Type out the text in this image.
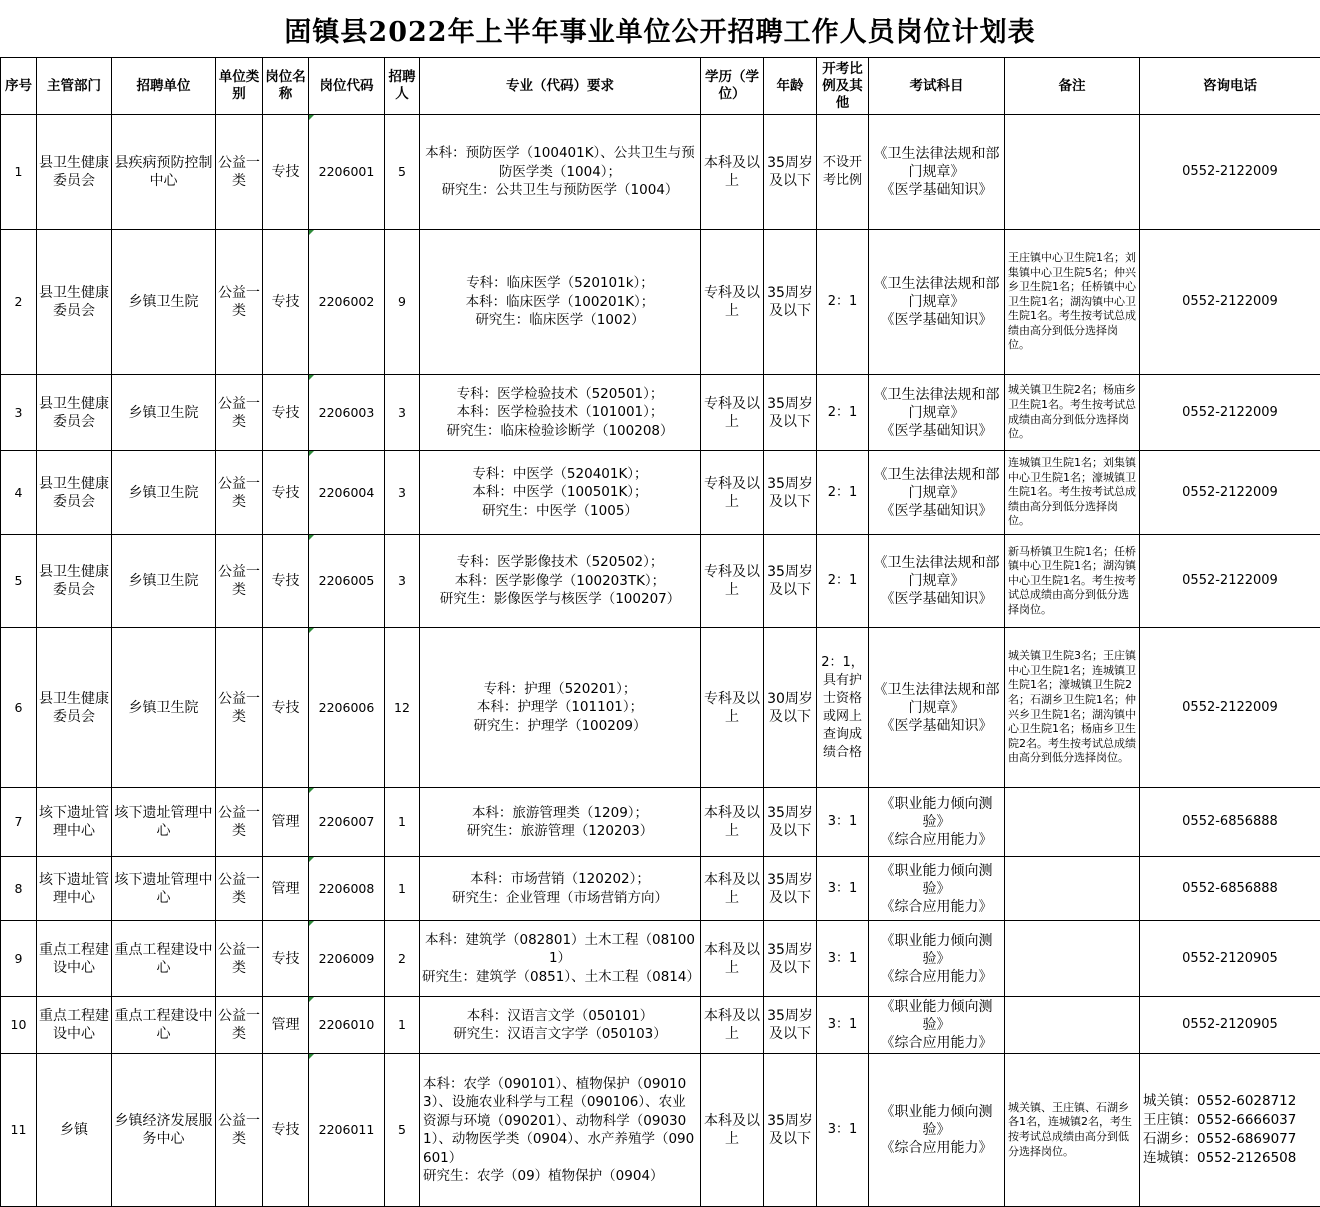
固镇县2022年上半年事业单位公开招聘工作人员岗位计划表
序号	主管部门	招聘单位	单位类别	岗位名称	岗位代码	招聘人	专业（代码）要求	学历（学位）	年龄	开考比例及其他	考试科目	备注	咨询电话
1	县卫生健康委员会	县疾病预防控制中心	公益一类	专技	2206001	5	本科：预防医学（100401K）、公共卫生与预防医学类（1004）；
研究生：公共卫生与预防医学（1004）	本科及以上	35周岁及以下	不设开考比例	《卫生法律法规和部门规章》
《医学基础知识》		0552-2122009

2	县卫生健康委员会	乡镇卫生院	公益一类	专技	2206002	9	专科：临床医学（520101k）；
本科：临床医学（100201K）；
研究生：临床医学（1002）	专科及以上	35周岁及以下	2：1	《卫生法律法规和部门规章》
《医学基础知识》	王庄镇中心卫生院1名；刘集镇中心卫生院5名；仲兴乡卫生院1名；任桥镇中心卫生院1名；湖沟镇中心卫生院1名。考生按考试总成绩由高分到低分选择岗位。	0552-2122009

3	县卫生健康委员会	乡镇卫生院	公益一类	专技	2206003	3	专科：医学检验技术（520501）；
本科：医学检验技术（101001）；
研究生：临床检验诊断学（100208）	专科及以上	35周岁及以下	2：1	《卫生法律法规和部门规章》
《医学基础知识》	城关镇卫生院2名；杨庙乡卫生院1名。考生按考试总成绩由高分到低分选择岗位。	0552-2122009

4	县卫生健康委员会	乡镇卫生院	公益一类	专技	2206004	3	专科：中医学（520401K）；
本科：中医学（100501K）；
研究生：中医学（1005）	专科及以上	35周岁及以下	2：1	《卫生法律法规和部门规章》
《医学基础知识》	连城镇卫生院1名；刘集镇中心卫生院1名；濠城镇卫生院1名。考生按考试总成绩由高分到低分选择岗位。	0552-2122009

5	县卫生健康委员会	乡镇卫生院	公益一类	专技	2206005	3	专科：医学影像技术（520502）；
本科：医学影像学（100203TK）；
研究生：影像医学与核医学（100207）	专科及以上	35周岁及以下	2：1	《卫生法律法规和部门规章》
《医学基础知识》	新马桥镇卫生院1名；任桥镇中心卫生院1名；湖沟镇中心卫生院1名。考生按考试总成绩由高分到低分选择岗位。	0552-2122009

6	县卫生健康委员会	乡镇卫生院	公益一类	专技	2206006	12	专科：护理（520201）；
本科：护理学（101101）；
研究生：护理学（100209）	专科及以上	30周岁及以下	2：1，具有护士资格或网上查询成绩合格	《卫生法律法规和部门规章》
《医学基础知识》	城关镇卫生院3名；王庄镇中心卫生院1名；连城镇卫生院1名；濠城镇卫生院2名；石湖乡卫生院1名；仲兴乡卫生院1名；湖沟镇中心卫生院1名；杨庙乡卫生院2名。考生按考试总成绩由高分到低分选择岗位。	0552-2122009

7	垓下遗址管理中心	垓下遗址管理中心	公益一类	管理	2206007	1	本科：旅游管理类（1209）；
研究生：旅游管理（120203）	本科及以上	35周岁及以下	3：1	《职业能力倾向测验》
《综合应用能力》		0552-6856888

8	垓下遗址管理中心	垓下遗址管理中心	公益一类	管理	2206008	1	本科：市场营销（120202）；
研究生：企业管理（市场营销方向）	本科及以上	35周岁及以下	3：1	《职业能力倾向测验》
《综合应用能力》		0552-6856888

9	重点工程建设中心	重点工程建设中心	公益一类	专技	2206009	2	本科：建筑学（082801）土木工程（081001）
研究生：建筑学（0851）、土木工程（0814）	本科及以上	35周岁及以下	3：1	《职业能力倾向测验》
《综合应用能力》		0552-2120905

10	重点工程建设中心	重点工程建设中心	公益一类	管理	2206010	1	本科：汉语言文学（050101）
研究生：汉语言文字学（050103）	本科及以上	35周岁及以下	3：1	《职业能力倾向测验》
《综合应用能力》		0552-2120905

11	乡镇	乡镇经济发展服务中心	公益一类	专技	2206011	5	本科：农学（090101）、植物保护（090103）、设施农业科学与工程（090106）、农业资源与环境（090201）、动物科学（090301）、动物医学类（0904）、水产养殖学（090601）
研究生：农学（09）植物保护（0904）	本科及以上	35周岁及以下	3：1	《职业能力倾向测验》
《综合应用能力》	城关镇、王庄镇、石湖乡各1名，连城镇2名，考生按考试总成绩由高分到低分选择岗位。	城关镇：0552-6028712
王庄镇：0552-6666037
石湖乡：0552-6869077
连城镇：0552-2126508
